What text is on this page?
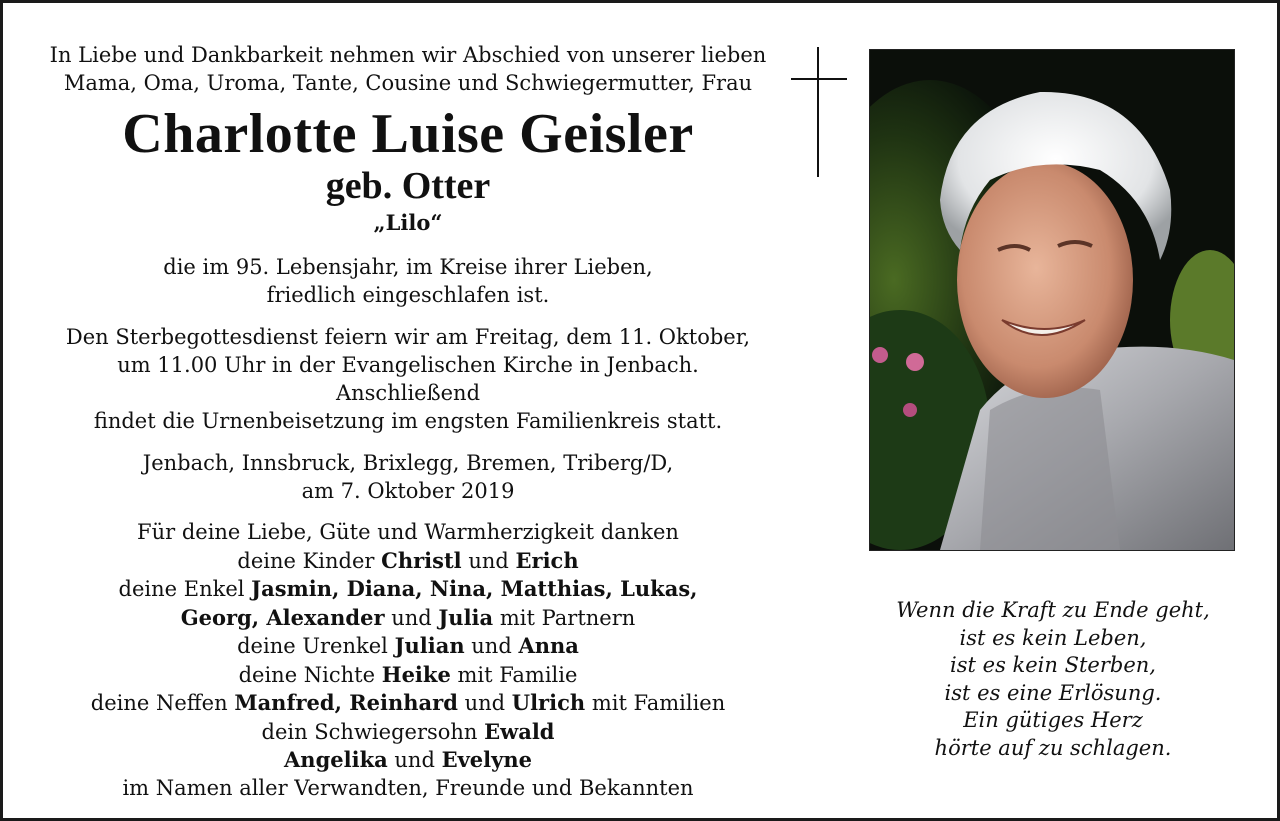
In Liebe und Dankbarkeit nehmen wir Abschied von unserer lieben
Mama, Oma, Uroma, Tante, Cousine und Schwiegermutter, Frau
Charlotte Luise Geisler
geb. Otter
„Lilo“
die im 95. Lebensjahr, im Kreise ihrer Lieben,
friedlich eingeschlafen ist.
Den Sterbegottesdienst feiern wir am Freitag, dem 11. Oktober,
um 11.00 Uhr in der Evangelischen Kirche in Jenbach. Anschließend
findet die Urnenbeisetzung im engsten Familienkreis statt.
Jenbach, Innsbruck, Brixlegg, Bremen, Triberg/D,
am 7. Oktober 2019
Für deine Liebe, Güte und Warmherzigkeit danken
deine Kinder Christl und Erich
deine Enkel Jasmin, Diana, Nina, Matthias, Lukas,
Georg, Alexander und Julia mit Partnern
deine Urenkel Julian und Anna
deine Nichte Heike mit Familie
deine Neffen Manfred, Reinhard und Ulrich mit Familien
dein Schwiegersohn Ewald
Angelika und Evelyne
im Namen aller Verwandten, Freunde und Bekannten
Wenn die Kraft zu Ende geht,
ist es kein Leben,
ist es kein Sterben,
ist es eine Erlösung.
Ein gütiges Herz
hörte auf zu schlagen.
